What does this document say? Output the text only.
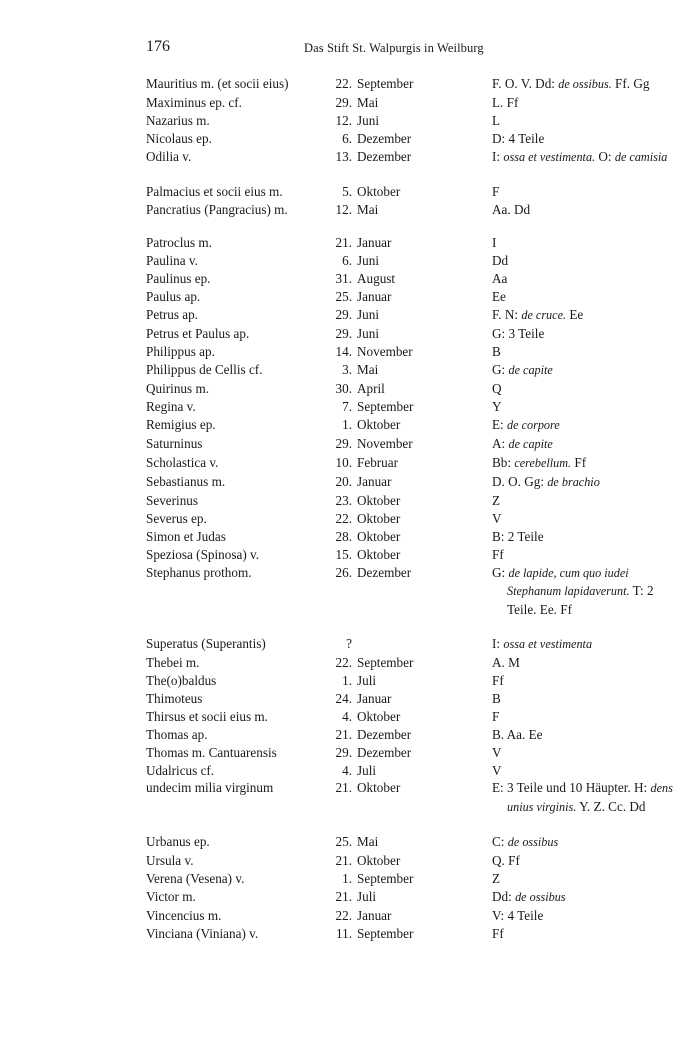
176	Das Stift St. Walpurgis in Weilburg
Mauritius m. (et socii eius)	22. September	F. O. V. Dd: de ossibus. Ff. Gg
Maximinus ep. cf.	29. Mai	L. Ff
Nazarius m.	12. Juni	L
Nicolaus ep.	6. Dezember	D: 4 Teile
Odilia v.	13. Dezember	I: ossa et vestimenta. O: de camisia
Palmacius et socii eius m.	5. Oktober	F
Pancratius (Pangracius) m.	12. Mai	Aa. Dd
Patroclus m.	21. Januar	I
Paulina v.	6. Juni	Dd
Paulinus ep.	31. August	Aa
Paulus ap.	25. Januar	Ee
Petrus ap.	29. Juni	F. N: de cruce. Ee
Petrus et Paulus ap.	29. Juni	G: 3 Teile
Philippus ap.	14. November	B
Philippus de Cellis cf.	3. Mai	G: de capite
Quirinus m.	30. April	Q
Regina v.	7. September	Y
Remigius ep.	1. Oktober	E: de corpore
Saturninus	29. November	A: de capite
Scholastica v.	10. Februar	Bb: cerebellum. Ff
Sebastianus m.	20. Januar	D. O. Gg: de brachio
Severinus	23. Oktober	Z
Severus ep.	22. Oktober	V
Simon et Judas	28. Oktober	B: 2 Teile
Speziosa (Spinosa) v.	15. Oktober	Ff
Stephanus prothom.	26. Dezember	G: de lapide, cum quo iudei Stephanum lapidaverunt. T: 2 Teile. Ee. Ff
Superatus (Superantis)	?	I: ossa et vestimenta
Thebei m.	22. September	A. M
The(o)baldus	1. Juli	Ff
Thimoteus	24. Januar	B
Thirsus et socii eius m.	4. Oktober	F
Thomas ap.	21. Dezember	B. Aa. Ee
Thomas m. Cantuarensis	29. Dezember	V
Udalricus cf.	4. Juli	V
undecim milia virginum	21. Oktober	E: 3 Teile und 10 Häupter. H: dens unius virginis. Y. Z. Cc. Dd
Urbanus ep.	25. Mai	C: de ossibus
Ursula v.	21. Oktober	Q. Ff
Verena (Vesena) v.	1. September	Z
Victor m.	21. Juli	Dd: de ossibus
Vincencius m.	22. Januar	V: 4 Teile
Vinciana (Viniana) v.	11. September	Ff
